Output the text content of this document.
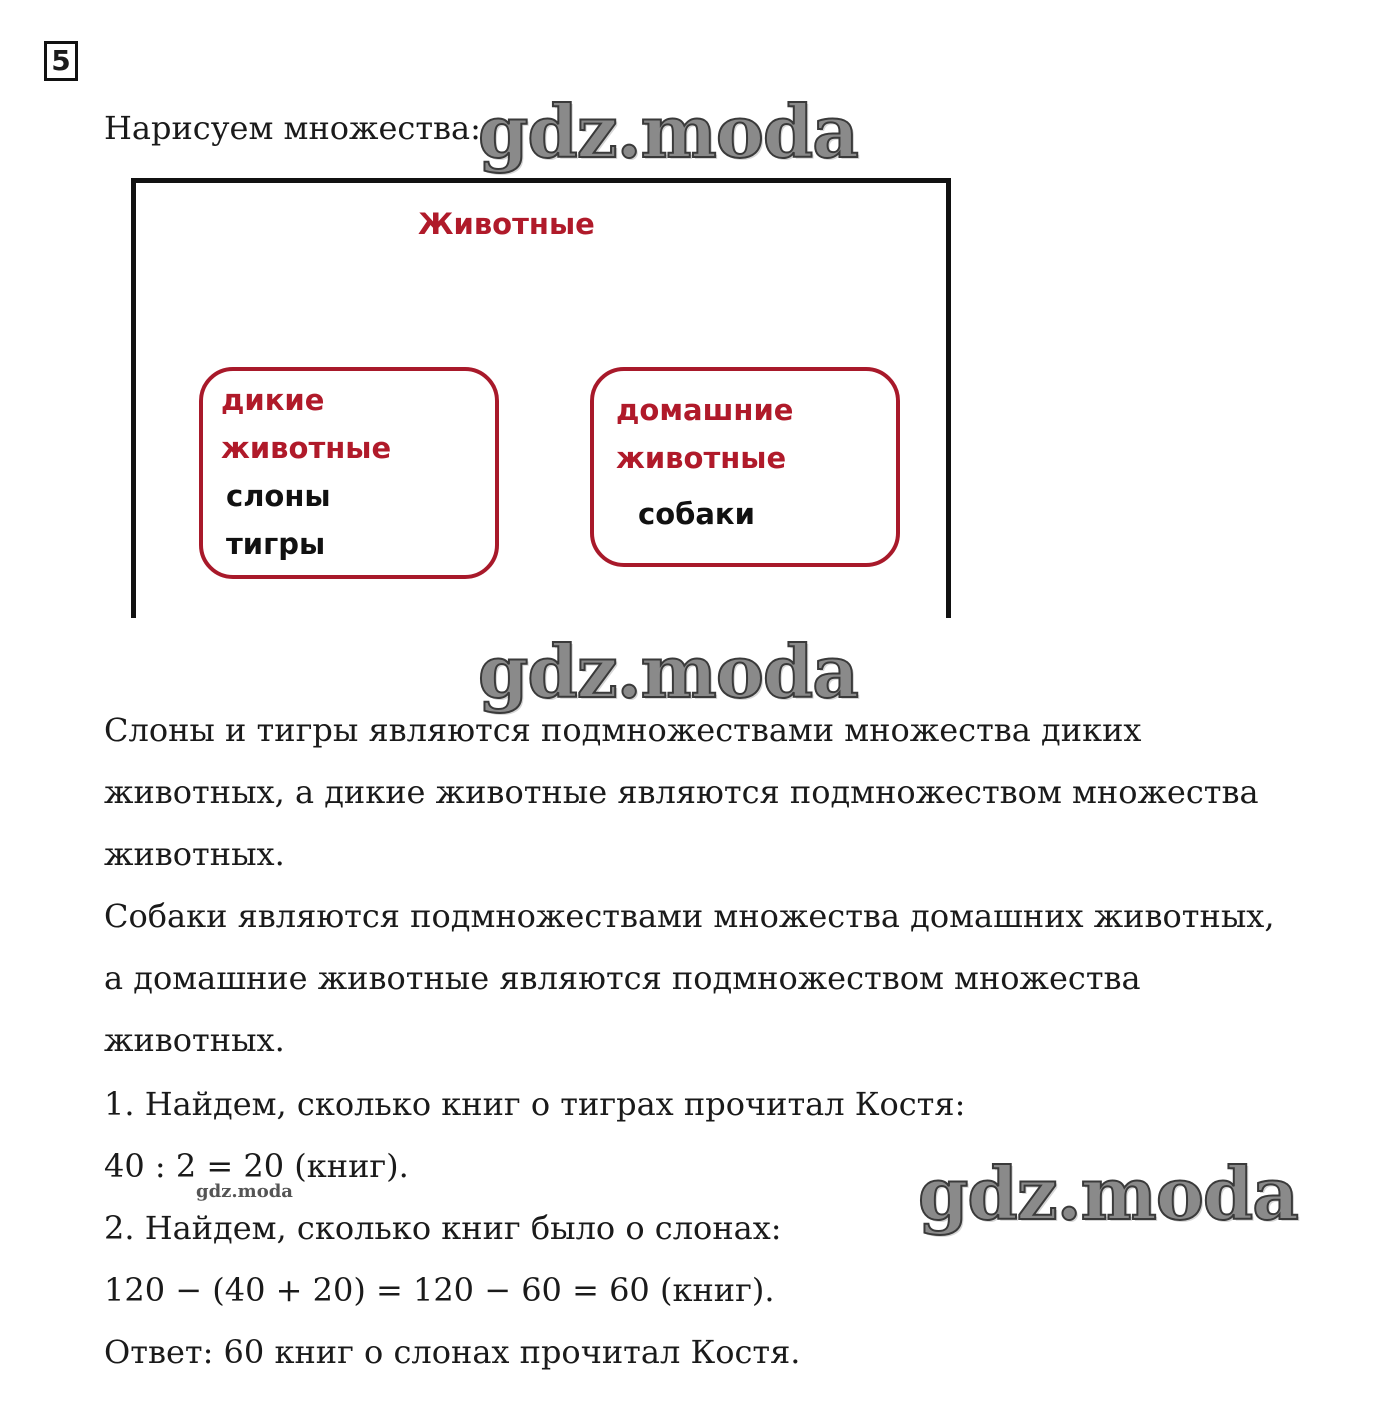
5
Нарисуем множества:
Животные
дикие
животные
слоны
тигры
домашние
животные
собаки
Слоны и тигры являются подмножествами множества диких
животных, а дикие животные являются подмножеством множества
животных.
Собаки являются подмножествами множества домашних животных,
а домашние животные являются подмножеством множества
животных.
1. Найдем, сколько книг о тиграх прочитал Костя:
40 : 2 = 20 (книг).
2. Найдем, сколько книг было о слонах:
120 − (40 + 20) = 120 − 60 = 60 (книг).
Ответ: 60 книг о слонах прочитал Костя.
gdz.moda
gdz.moda
gdz.moda
gdz.moda
